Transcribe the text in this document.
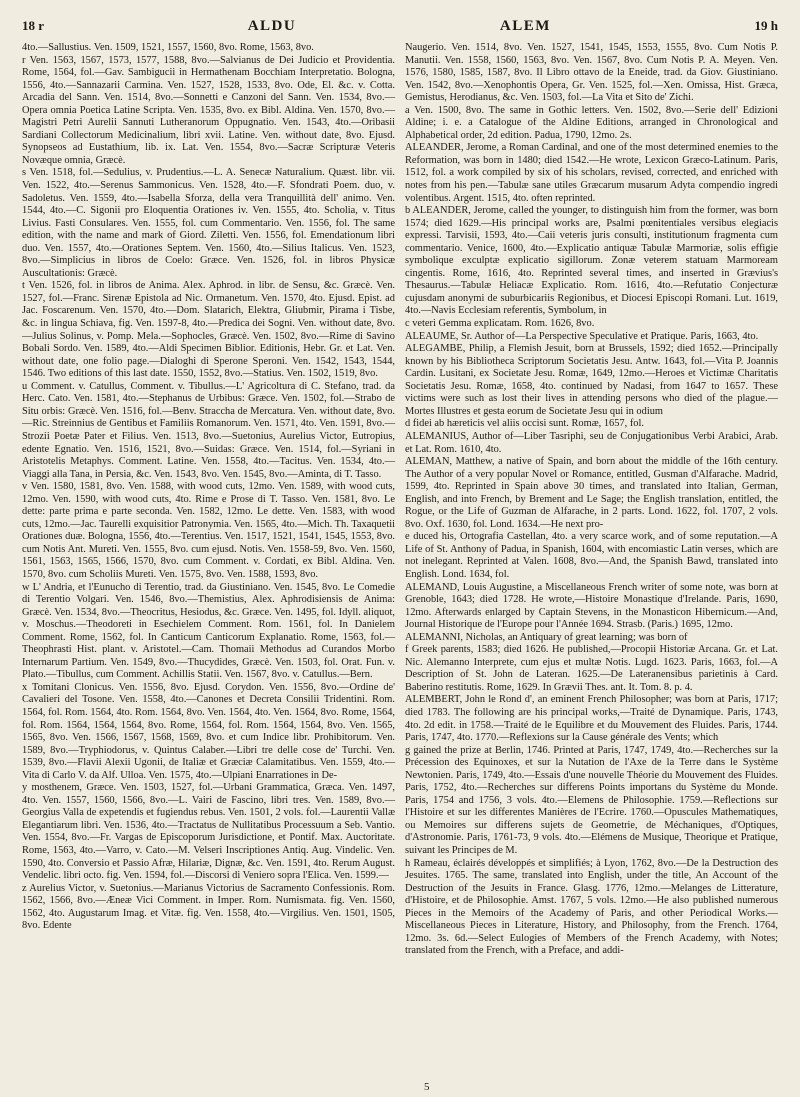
18 r	ALDU	ALEM	19 h

4to.—Sallustius. Ven. 1509, 1521, 1557, 1560, 8vo. Rome, 1563, 8vo.

r Ven. 1563, 1567, 1573, 1577, 1588, 8vo.—Salvianus de Dei Judicio et Providentia. Rome, 1564, fol.—Gav. Sambigucii in Hermathenam Bocchiam Interpretatio. Bologna, 1556, 4to.—Sannazarii Carmina. Ven. 1527, 1528, 1533, 8vo. Ode, El. &c. v. Cotta. Arcadia del Sann. Ven. 1514, 8vo.—Sonnetti e Canzoni del Sann. Ven. 1534, 8vo.—Opera omnia Poetica Latine Scripta. Ven. 1535, 8vo. ex Bibl. Aldina. Ven. 1570, 8vo.—Magistri Petri Aurelii Sannuti Lutheranorum Oppugnatio. Ven. 1543, 4to.—Oribasii Sardiani Collectorum Medicinalium, libri xvii. Latine. Ven. without date, 8vo. Ejusd. Synopseos ad Eustathium, lib. ix. Lat. Ven. 1554, 8vo.—Sacræ Scripturæ Veteris Novæque omnia, Græcè.

s Ven. 1518, fol.—Sedulius, v. Prudentius.—L. A. Senecæ Naturalium. Quæst. libr. vii. Ven. 1522, 4to.—Serenus Sammonicus. Ven. 1528, 4to.—F. Sfondrati Poem. duo, v. Sadoletus. Ven. 1559, 4to.—Isabella Sforza, della vera Tranquillità dell' animo. Ven. 1544, 4to.—C. Sigonii pro Eloquentia Orationes iv. Ven. 1555, 4to. Scholia, v. Titus Livius. Fasti Consulares. Ven. 1555, fol. cum Commentario. Ven. 1556, fol. The same edition, with the name and mark of Giord. Ziletti. Ven. 1556, fol. Emendationum libri duo. Ven. 1557, 4to.—Orationes Septem. Ven. 1560, 4to.—Silius Italicus. Ven. 1523, 8vo.—Simplicius in libros de Coelo: Græce. Ven. 1526, fol. in libros Physicæ Auscultationis: Græcè.

t Ven. 1526, fol. in libros de Anima. Alex. Aphrod. in libr. de Sensu, &c. Græcè. Ven. 1527, fol.—Franc. Sirenæ Epistola ad Nic. Ormanetum. Ven. 1570, 4to. Ejusd. Epist. ad Jac. Foscarenum. Ven. 1570, 4to.—Dom. Slatarich, Elektra, Gliubmir, Pirama i Tisbe, &c. in lingua Schiava, fig. Ven. 1597-8, 4to.—Predica dei Sogni. Ven. without date, 8vo.—Julius Solinus, v. Pomp. Mela.—Sophocles, Græcè. Ven. 1502, 8vo.—Rime di Savino Bobali Sordo. Ven. 1589, 4to.—Aldi Specimen Biblior. Editionis, Hebr. Gr. et Lat. Ven. without date, one folio page.—Dialoghi di Sperone Speroni. Ven. 1542, 1543, 1544, 1546. Two editions of this last date. 1550, 1552, 8vo.—Statius. Ven. 1502, 1519, 8vo.

u Comment. v. Catullus, Comment. v. Tibullus.—L' Agricoltura di C. Stefano, trad. da Herc. Cato. Ven. 1581, 4to.—Stephanus de Urbibus: Græce. Ven. 1502, fol.—Strabo de Situ orbis: Græcè. Ven. 1516, fol.—Benv. Straccha de Mercatura. Ven. without date, 8vo.—Ric. Streinnius de Gentibus et Familiis Romanorum. Ven. 1571, 4to. Ven. 1591, 8vo.—Strozii Poetæ Pater et Filius. Ven. 1513, 8vo.—Suetonius, Aurelius Victor, Eutropius, edente Egnatio. Ven. 1516, 1521, 8vo.—Suidas: Græce. Ven. 1514, fol.—Syriani in Aristotelis Metaphys. Comment. Latine. Ven. 1558, 4to.—Tacitus. Ven. 1534, 4to.—Viaggi alla Tana, in Persia, &c. Ven. 1543, 8vo. Ven. 1545, 8vo.—Aminta, di T. Tasso.

v Ven. 1580, 1581, 8vo. Ven. 1588, with wood cuts, 12mo. Ven. 1589, with wood cuts, 12mo. Ven. 1590, with wood cuts, 4to. Rime e Prose di T. Tasso. Ven. 1581, 8vo. Le dette: parte prima e parte seconda. Ven. 1582, 12mo. Le dette. Ven. 1583, with wood cuts, 12mo.—Jac. Taurelli exquisitior Patronymia. Ven. 1565, 4to.—Mich. Th. Taxaquetii Orationes duæ. Bologna, 1556, 4to.—Terentius. Ven. 1517, 1521, 1541, 1545, 1553, 8vo. cum Notis Ant. Mureti. Ven. 1555, 8vo. cum ejusd. Notis. Ven. 1558-59, 8vo. Ven. 1560, 1561, 1563, 1565, 1566, 1570, 8vo. cum Comment. v. Cordati, ex Bibl. Aldina. Ven. 1570, 8vo. cum Scholiis Mureti. Ven. 1575, 8vo. Ven. 1588, 1593, 8vo.

w L' Andria, et l'Eunucho di Terentio, trad. da Giustiniano. Ven. 1545, 8vo. Le Comedie di Terentio Volgari. Ven. 1546, 8vo.—Themistius, Alex. Aphrodisiensis de Anima: Græcè. Ven. 1534, 8vo.—Theocritus, Hesiodus, &c. Græce. Ven. 1495, fol. Idyll. aliquot, v. Moschus.—Theodoreti in Esechielem Comment. Rom. 1561, fol. In Danielem Comment. Rome, 1562, fol. In Canticum Canticorum Explanatio. Rome, 1563, fol.—Theophrasti Hist. plant. v. Aristotel.—Cam. Thomaii Methodus ad Curandos Morbo Internarum Partium. Ven. 1549, 8vo.—Thucydides, Græcè. Ven. 1503, fol. Orat. Fun. v. Plato.—Tibullus, cum Comment. Achillis Statii. Ven. 1567, 8vo. v. Catullus.—Bern.

x Tomitani Clonicus. Ven. 1556, 8vo. Ejusd. Corydon. Ven. 1556, 8vo.—Ordine de' Cavalieri del Tosone. Ven. 1558, 4to.—Canones et Decreta Consilii Tridentini. Rom. 1564, fol. Rom. 1564, 4to. Rom. 1564, 8vo. Ven. 1564, 4to. Ven. 1564, 8vo. Rome, 1564, fol. Rom. 1564, 1564, 1564, 8vo. Rome, 1564, fol. Rom. 1564, 1564, 8vo. Ven. 1565, 1565, 8vo. Ven. 1566, 1567, 1568, 1569, 8vo. et cum Indice libr. Prohibitorum. Ven. 1589, 8vo.—Tryphiodorus, v. Quintus Calaber.—Libri tre delle cose de' Turchi. Ven. 1539, 8vo.—Flavii Alexii Ugonii, de Italiæ et Græciæ Calamitatibus. Ven. 1559, 4to.—Vita di Carlo V. da Alf. Ulloa. Ven. 1575, 4to.—Ulpiani Enarrationes in De-

y mosthenem, Græce. Ven. 1503, 1527, fol.—Urbani Grammatica, Græca. Ven. 1497, 4to. Ven. 1557, 1560, 1566, 8vo.—L. Vairi de Fascino, libri tres. Ven. 1589, 8vo.—Georgius Valla de expetendis et fugiendus rebus. Ven. 1501, 2 vols. fol.—Laurentii Vallæ Elegantiarum libri. Ven. 1536, 4to.—Tractatus de Nullitatibus Processuum a Seb. Vantio. Ven. 1554, 8vo.—Fr. Vargas de Episcoporum Jurisdictione, et Pontif. Max. Auctoritate. Rome, 1563, 4to.—Varro, v. Cato.—M. Velseri Inscriptiones Antiq. Aug. Vindelic. Ven. 1590, 4to. Conversio et Passio Afræ, Hilariæ, Dignæ, &c. Ven. 1591, 4to. Rerum August. Vendelic. libri octo. fig. Ven. 1594, fol.—Discorsi di Veniero sopra l'Elica. Ven. 1599.—

z Aurelius Victor, v. Suetonius.—Marianus Victorius de Sacramento Confessionis. Rom. 1562, 1566, 8vo.—Æneæ Vici Comment. in Imper. Rom. Numismata. fig. Ven. 1560, 1562, 4to. Augustarum Imag. et Vitæ. fig. Ven. 1558, 4to.—Virgilius. Ven. 1501, 1505, 8vo. Edente

Naugerio. Ven. 1514, 8vo. Ven. 1527, 1541, 1545, 1553, 1555, 8vo. Cum Notis P. Manutii. Ven. 1558, 1560, 1563, 8vo. Ven. 1567, 8vo. Cum Notis P. A. Meyen. Ven. 1576, 1580, 1585, 1587, 8vo. Il Libro ottavo de la Eneide, trad. da Giov. Giustiniano. Ven. 1542, 8vo.—Xenophontis Opera, Gr. Ven. 1525, fol.—Xen. Omissa, Hist. Græca, Gemistus, Herodianus, &c. Ven. 1503, fol.—La Vita et Sito de' Zichi.

a Ven. 1500, 8vo. The same in Gothic letters. Ven. 1502, 8vo.—Serie dell' Edizioni Aldine; i. e. a Catalogue of the Aldine Editions, arranged in Chronological and Alphabetical order, 2d edition. Padua, 1790, 12mo. 2s.

ALEANDER, Jerome, a Roman Cardinal, and one of the most determined enemies to the Reformation, was born in 1480; died 1542.—He wrote, Lexicon Græco-Latinum. Paris, 1512, fol. a work compiled by six of his scholars, revised, corrected, and enriched with notes from his pen.—Tabulæ sane utiles Græcarum musarum Adyta compendio ingredi volentibus. Argent. 1515, 4to. often reprinted.

b ALEANDER, Jerome, called the younger, to distinguish him from the former, was born 1574; died 1629.—His principal works are, Psalmi pœnitentiales versibus elegiacis expressi. Tarvisii, 1593, 4to.—Caii veteris juris consulti, institutionum fragmenta cum commentario. Venice, 1600, 4to.—Explicatio antiquæ Tabulæ Marmoriæ, solis effigie symbolique exculptæ explicatio sigillorum. Zonæ veterem statuam Marmoream cingentis. Rome, 1616, 4to. Reprinted several times, and inserted in Grævius's Thesaurus.—Tabulæ Heliacæ Explicatio. Rom. 1616, 4to.—Refutatio Conjecturæ cujusdam anonymi de suburbicariis Regionibus, et Diocesi Episcopi Romani. Lut. 1619, 4to.—Navis Ecclesiam referentis, Symbolum, in

c veteri Gemma explicatam. Rom. 1626, 8vo.

ALEAUME, Sr. Author of—La Perspective Speculative et Pratique. Paris, 1663, 4to.

ALEGAMBE, Philip, a Flemish Jesuit, born at Brussels, 1592; died 1652.—Principally known by his Bibliotheca Scriptorum Societatis Jesu. Antw. 1643, fol.—Vita P. Joannis Cardin. Lusitani, ex Societate Jesu. Romæ, 1649, 12mo.—Heroes et Victimæ Charitatis Societatis Jesu. Romæ, 1658, 4to. continued by Nadasi, from 1647 to 1657. These victims were such as lost their lives in attending persons who died of the plague.—Mortes Illustres et gesta eorum de Societate Jesu qui in odium

d fidei ab hæreticis vel aliis occisi sunt. Romæ, 1657, fol.

ALEMANIUS, Author of—Liber Tasriphi, seu de Conjugationibus Verbi Arabici, Arab. et Lat. Rom. 1610, 4to.

ALEMAN, Matthew, a native of Spain, and born about the middle of the 16th century. The Author of a very popular Novel or Romance, entitled, Gusman d'Alfarache. Madrid, 1599, 4to. Reprinted in Spain above 30 times, and translated into Italian, German, English, and into French, by Brement and Le Sage; the English translation, entitled, the Rogue, or the Life of Guzman de Alfarache, in 2 parts. Lond. 1622, fol. 1707, 2 vols. 8vo. Oxf. 1630, fol. Lond. 1634.—He next pro-

e duced his, Ortografia Castellan, 4to. a very scarce work, and of some reputation.—A Life of St. Anthony of Padua, in Spanish, 1604, with encomiastic Latin verses, which are not inelegant. Reprinted at Valen. 1608, 8vo.—And, the Spanish Bawd, translated into English. Lond. 1634, fol.

ALEMAND, Louis Augustine, a Miscellaneous French writer of some note, was born at Grenoble, 1643; died 1728. He wrote,—Histoire Monastique d'Irelande. Paris, 1690, 12mo. Afterwards enlarged by Captain Stevens, in the Monasticon Hibernicum.—And, Journal Historique de l'Europe pour l'Année 1694. Strasb. (Paris.) 1695, 12mo.

ALEMANNI, Nicholas, an Antiquary of great learning; was born of

f Greek parents, 1583; died 1626. He published,—Procopii Historiæ Arcana. Gr. et Lat. Nic. Alemanno Interprete, cum ejus et multæ Notis. Lugd. 1623. Paris, 1663, fol.—A Description of St. John de Lateran. 1625.—De Lateranensibus parietinis à Card. Baberino restitutis. Rome, 1629. In Grævii Thes. ant. It. Tom. 8. p. 4.

ALEMBERT, John le Rond d', an eminent French Philosopher; was born at Paris, 1717; died 1783. The following are his principal works,—Traité de Dynamique. Paris, 1743, 4to. 2d edit. in 1758.—Traité de le Equilibre et du Mouvement des Fluides. Paris, 1744. Paris, 1747, 4to. 1770.—Reflexions sur la Cause générale des Vents; which

g gained the prize at Berlin, 1746. Printed at Paris, 1747, 1749, 4to.—Recherches sur la Précession des Equinoxes, et sur la Nutation de l'Axe de la Terre dans le Système Newtonien. Paris, 1749, 4to.—Essais d'une nouvelle Théorie du Mouvement des Fluides. Paris, 1752, 4to.—Recherches sur differens Points importans du Système du Monde. Paris, 1754 and 1756, 3 vols. 4to.—Elemens de Philosophie. 1759.—Reflections sur l'Histoire et sur les differentes Manières de l'Ecrire. 1760.—Opuscules Mathematiques, ou Memoires sur differens sujets de Geometrie, de Méchaniques, d'Optiques, d'Astronomie. Paris, 1761-73, 9 vols. 4to.—Elémens de Musique, Theorique et Pratique, suivant les Principes de M.

h Rameau, éclairés développés et simplifiés; à Lyon, 1762, 8vo.—De la Destruction des Jesuites. 1765. The same, translated into English, under the title, An Account of the Destruction of the Jesuits in France. Glasg. 1776, 12mo.—Melanges de Litterature, d'Histoire, et de Philosophie. Amst. 1767, 5 vols. 12mo.—He also published numerous Pieces in the Memoirs of the Academy of Paris, and other Periodical Works.—Miscellaneous Pieces in Literature, History, and Philosophy, from the French. 1764, 12mo. 3s. 6d.—Select Eulogies of Members of the French Academy, with Notes; translated from the French, with a Preface, and addi-

5
